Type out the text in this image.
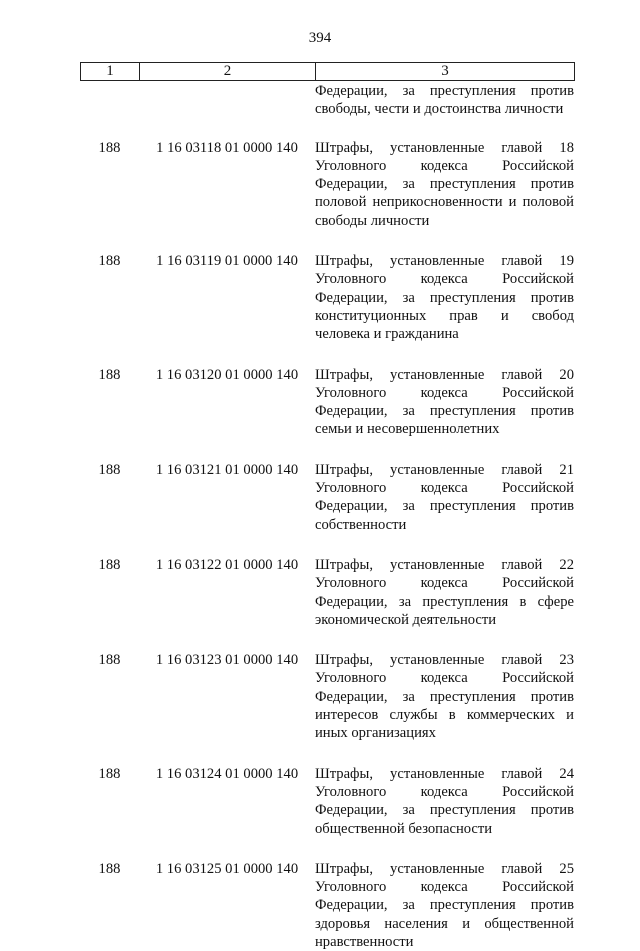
394
1	2	3
Федерации, за преступления против свободы, чести и достоинства личности
188	1 16 03118 01 0000 140	Штрафы, установленные главой 18 Уголовного кодекса Российской Федерации, за преступления против половой неприкосновенности и половой свободы личности
188	1 16 03119 01 0000 140	Штрафы, установленные главой 19 Уголовного кодекса Российской Федерации, за преступления против конституционных прав и свобод человека и гражданина
188	1 16 03120 01 0000 140	Штрафы, установленные главой 20 Уголовного кодекса Российской Федерации, за преступления против семьи и несовершеннолетних
188	1 16 03121 01 0000 140	Штрафы, установленные главой 21 Уголовного кодекса Российской Федерации, за преступления против собственности
188	1 16 03122 01 0000 140	Штрафы, установленные главой 22 Уголовного кодекса Российской Федерации, за преступления в сфере экономической деятельности
188	1 16 03123 01 0000 140	Штрафы, установленные главой 23 Уголовного кодекса Российской Федерации, за преступления против интересов службы в коммерческих и иных организациях
188	1 16 03124 01 0000 140	Штрафы, установленные главой 24 Уголовного кодекса Российской Федерации, за преступления против общественной безопасности
188	1 16 03125 01 0000 140	Штрафы, установленные главой 25 Уголовного кодекса Российской Федерации, за преступления против здоровья населения и общественной нравственности
